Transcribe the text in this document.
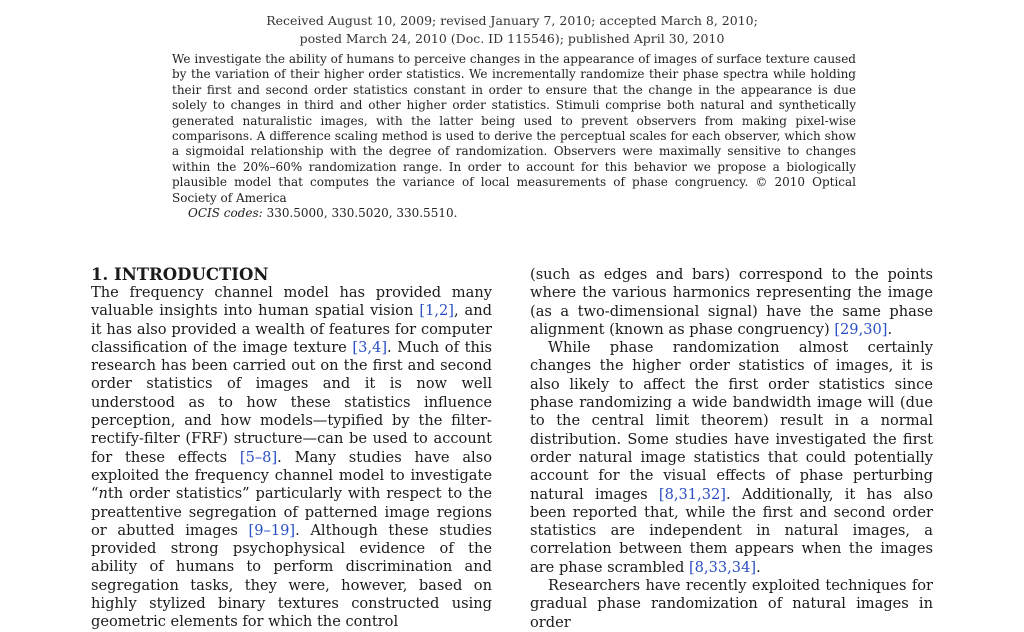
Received August 10, 2009; revised January 7, 2010; accepted March 8, 2010;
posted March 24, 2010 (Doc. ID 115546); published April 30, 2010
We investigate the ability of humans to perceive changes in the appearance of images of surface texture caused by the variation of their higher order statistics. We incrementally randomize their phase spectra while holding their first and second order statistics constant in order to ensure that the change in the appearance is due solely to changes in third and other higher order statistics. Stimuli comprise both natural and synthetically generated naturalistic images, with the latter being used to prevent observers from making pixel-wise comparisons. A difference scaling method is used to derive the perceptual scales for each observer, which show a sigmoidal relationship with the degree of randomization. Observers were maximally sensitive to changes within the 20%–60% randomization range. In order to account for this behavior we propose a biologically plausible model that computes the variance of local measurements of phase congruency. © 2010 Optical Society of America
OCIS codes: 330.5000, 330.5020, 330.5510.
1. INTRODUCTION

The frequency channel model has provided many valuable insights into human spatial vision [1,2], and it has also provided a wealth of features for computer classification of the image texture [3,4]. Much of this research has been carried out on the first and second order statistics of images and it is now well understood as to how these statistics influence perception, and how models—typified by the filter-rectify-filter (FRF) structure—can be used to account for these effects [5–8]. Many studies have also exploited the frequency channel model to investigate “nth order statistics” particularly with respect to the preattentive segregation of patterned image regions or abutted images [9–19]. Although these studies provided strong psychophysical evidence of the ability of humans to perform discrimination and segregation tasks, they were, however, based on highly stylized binary textures constructed using geometric elements for which the control

(such as edges and bars) correspond to the points where the various harmonics representing the image (as a two-dimensional signal) have the same phase alignment (known as phase congruency) [29,30].

While phase randomization almost certainly changes the higher order statistics of images, it is also likely to affect the first order statistics since phase randomizing a wide bandwidth image will (due to the central limit theorem) result in a normal distribution. Some studies have investigated the first order natural image statistics that could potentially account for the visual effects of phase perturbing natural images [8,31,32]. Additionally, it has also been reported that, while the first and second order statistics are independent in natural images, a correlation between them appears when the images are phase scrambled [8,33,34].

Researchers have recently exploited techniques for gradual phase randomization of natural images in order
